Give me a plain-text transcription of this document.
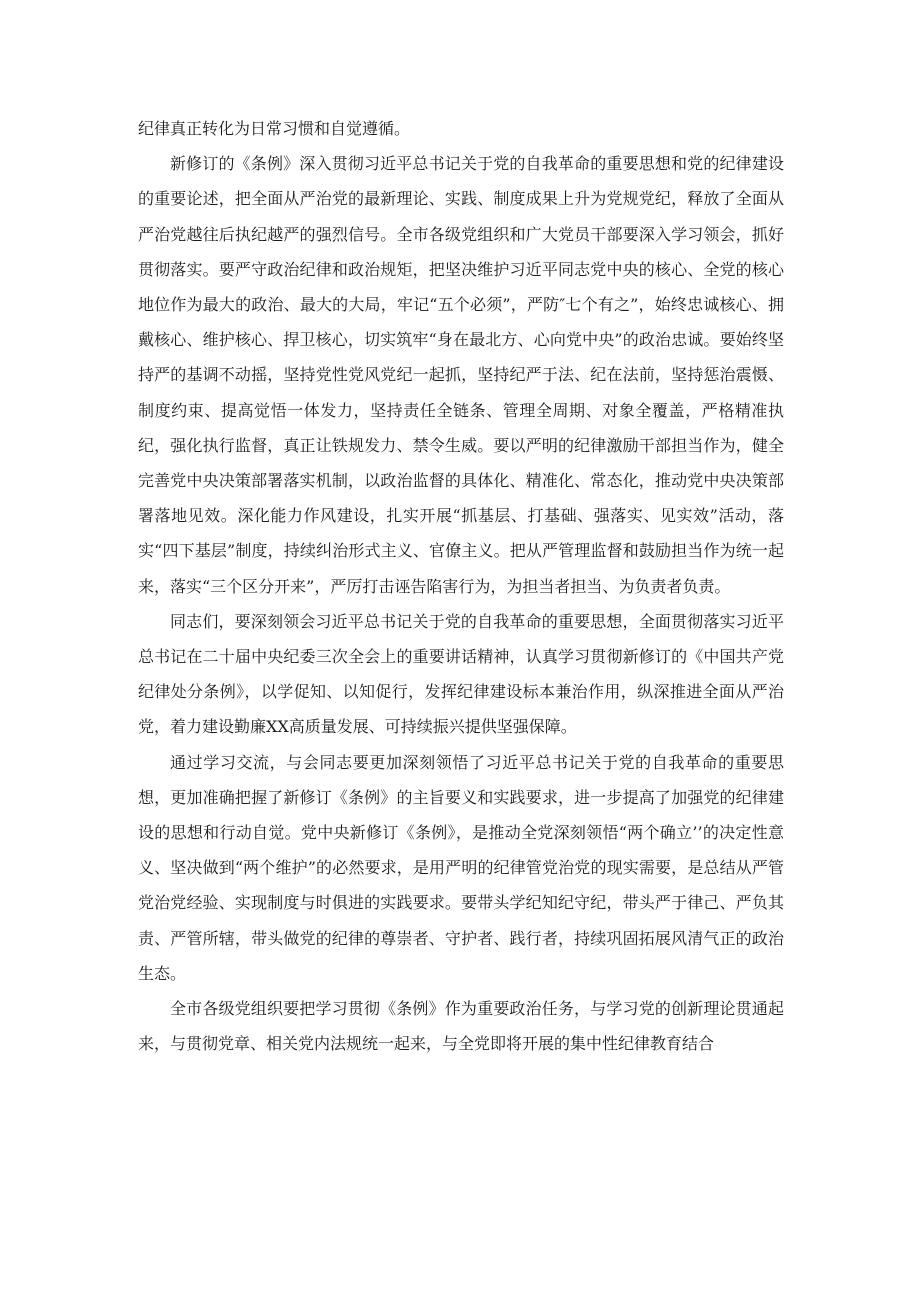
纪律真正转化为日常习惯和自觉遵循。

新修订的《条例》深入贯彻习近平总书记关于党的自我革命的重要思想和党的纪律建设的重要论述，把全面从严治党的最新理论、实践、制度成果上升为党规党纪，释放了全面从严治党越往后执纪越严的强烈信号。全市各级党组织和广大党员干部要深入学习领会，抓好贯彻落实。要严守政治纪律和政治规矩，把坚决维护习近平同志党中央的核心、全党的核心地位作为最大的政治、最大的大局，牢记“五个必须”，严防″七个有之”，始终忠诚核心、拥戴核心、维护核心、捍卫核心，切实筑牢“身在最北方、心向党中央”的政治忠诚。要始终坚持严的基调不动摇，坚持党性党风党纪一起抓，坚持纪严于法、纪在法前，坚持惩治震慑、制度约束、提高觉悟一体发力，坚持责任全链条、管理全周期、对象全覆盖，严格精准执纪，强化执行监督，真正让铁规发力、禁令生威。要以严明的纪律激励干部担当作为，健全完善党中央决策部署落实机制，以政治监督的具体化、精准化、常态化，推动党中央决策部署落地见效。深化能力作风建设，扎实开展“抓基层、打基础、强落实、见实效”活动，落实“四下基层”制度，持续纠治形式主义、官僚主义。把从严管理监督和鼓励担当作为统一起来，落实“三个区分开来”，严厉打击诬告陷害行为，为担当者担当、为负责者负责。

同志们，要深刻领会习近平总书记关于党的自我革命的重要思想，全面贯彻落实习近平总书记在二十届中央纪委三次全会上的重要讲话精神，认真学习贯彻新修订的《中国共产党纪律处分条例》，以学促知、以知促行，发挥纪律建设标本兼治作用，纵深推进全面从严治党，着力建设勤廉XX高质量发展、可持续振兴提供坚强保障。

通过学习交流，与会同志要更加深刻领悟了习近平总书记关于党的自我革命的重要思想，更加准确把握了新修订《条例》的主旨要义和实践要求，进一步提高了加强党的纪律建设的思想和行动自觉。党中央新修订《条例》，是推动全党深刻领悟“两个确立’’的决定性意义、坚决做到“两个维护”的必然要求，是用严明的纪律管党治党的现实需要，是总结从严管党治党经验、实现制度与时俱进的实践要求。要带头学纪知纪守纪，带头严于律己、严负其责、严管所辖，带头做党的纪律的尊崇者、守护者、践行者，持续巩固拓展风清气正的政治生态。

全市各级党组织要把学习贯彻《条例》作为重要政治任务，与学习党的创新理论贯通起来，与贯彻党章、相关党内法规统一起来，与全党即将开展的集中性纪律教育结合
